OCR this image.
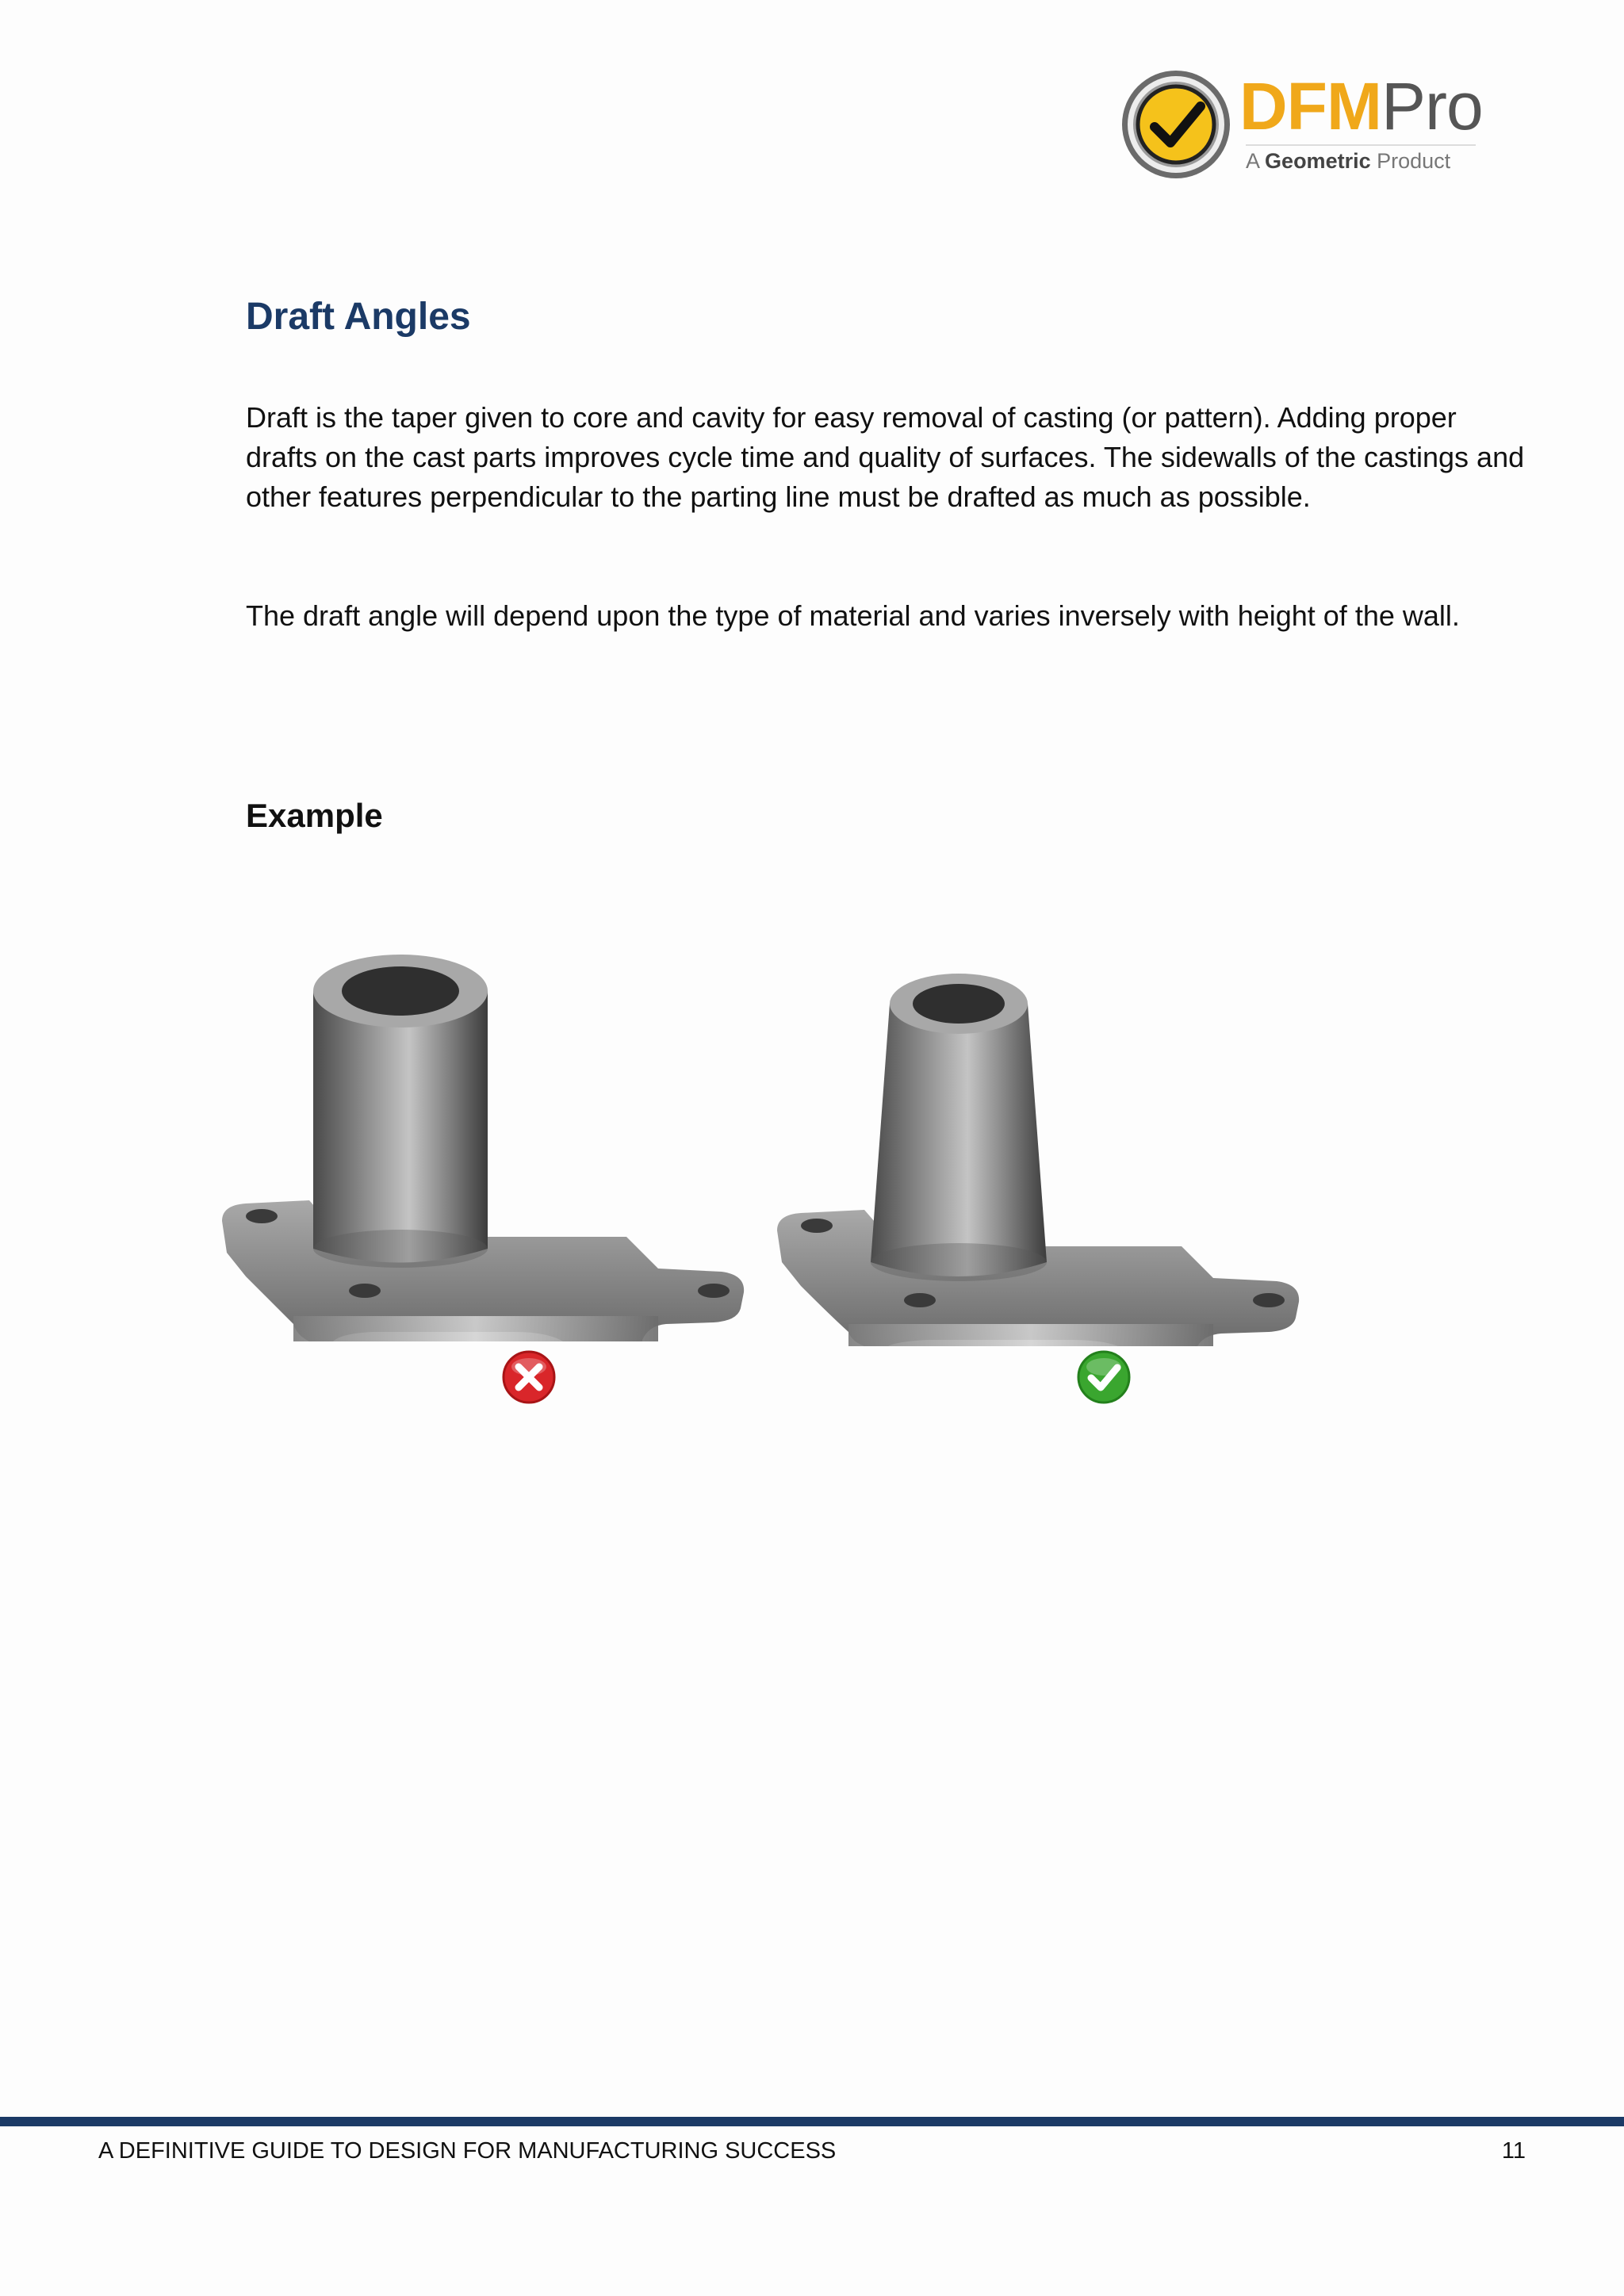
DFMPro
A Geometric Product
Draft Angles

Draft is the taper given to core and cavity for easy removal of casting (or pattern). Adding proper drafts on the cast parts improves cycle time and quality of surfaces. The sidewalls of the castings and other features perpendicular to the parting line must be drafted as much as possible.

The draft angle will depend upon the type of material and varies inversely with height of the wall.

Example
A DEFINITIVE GUIDE TO DESIGN FOR MANUFACTURING SUCCESS	11
